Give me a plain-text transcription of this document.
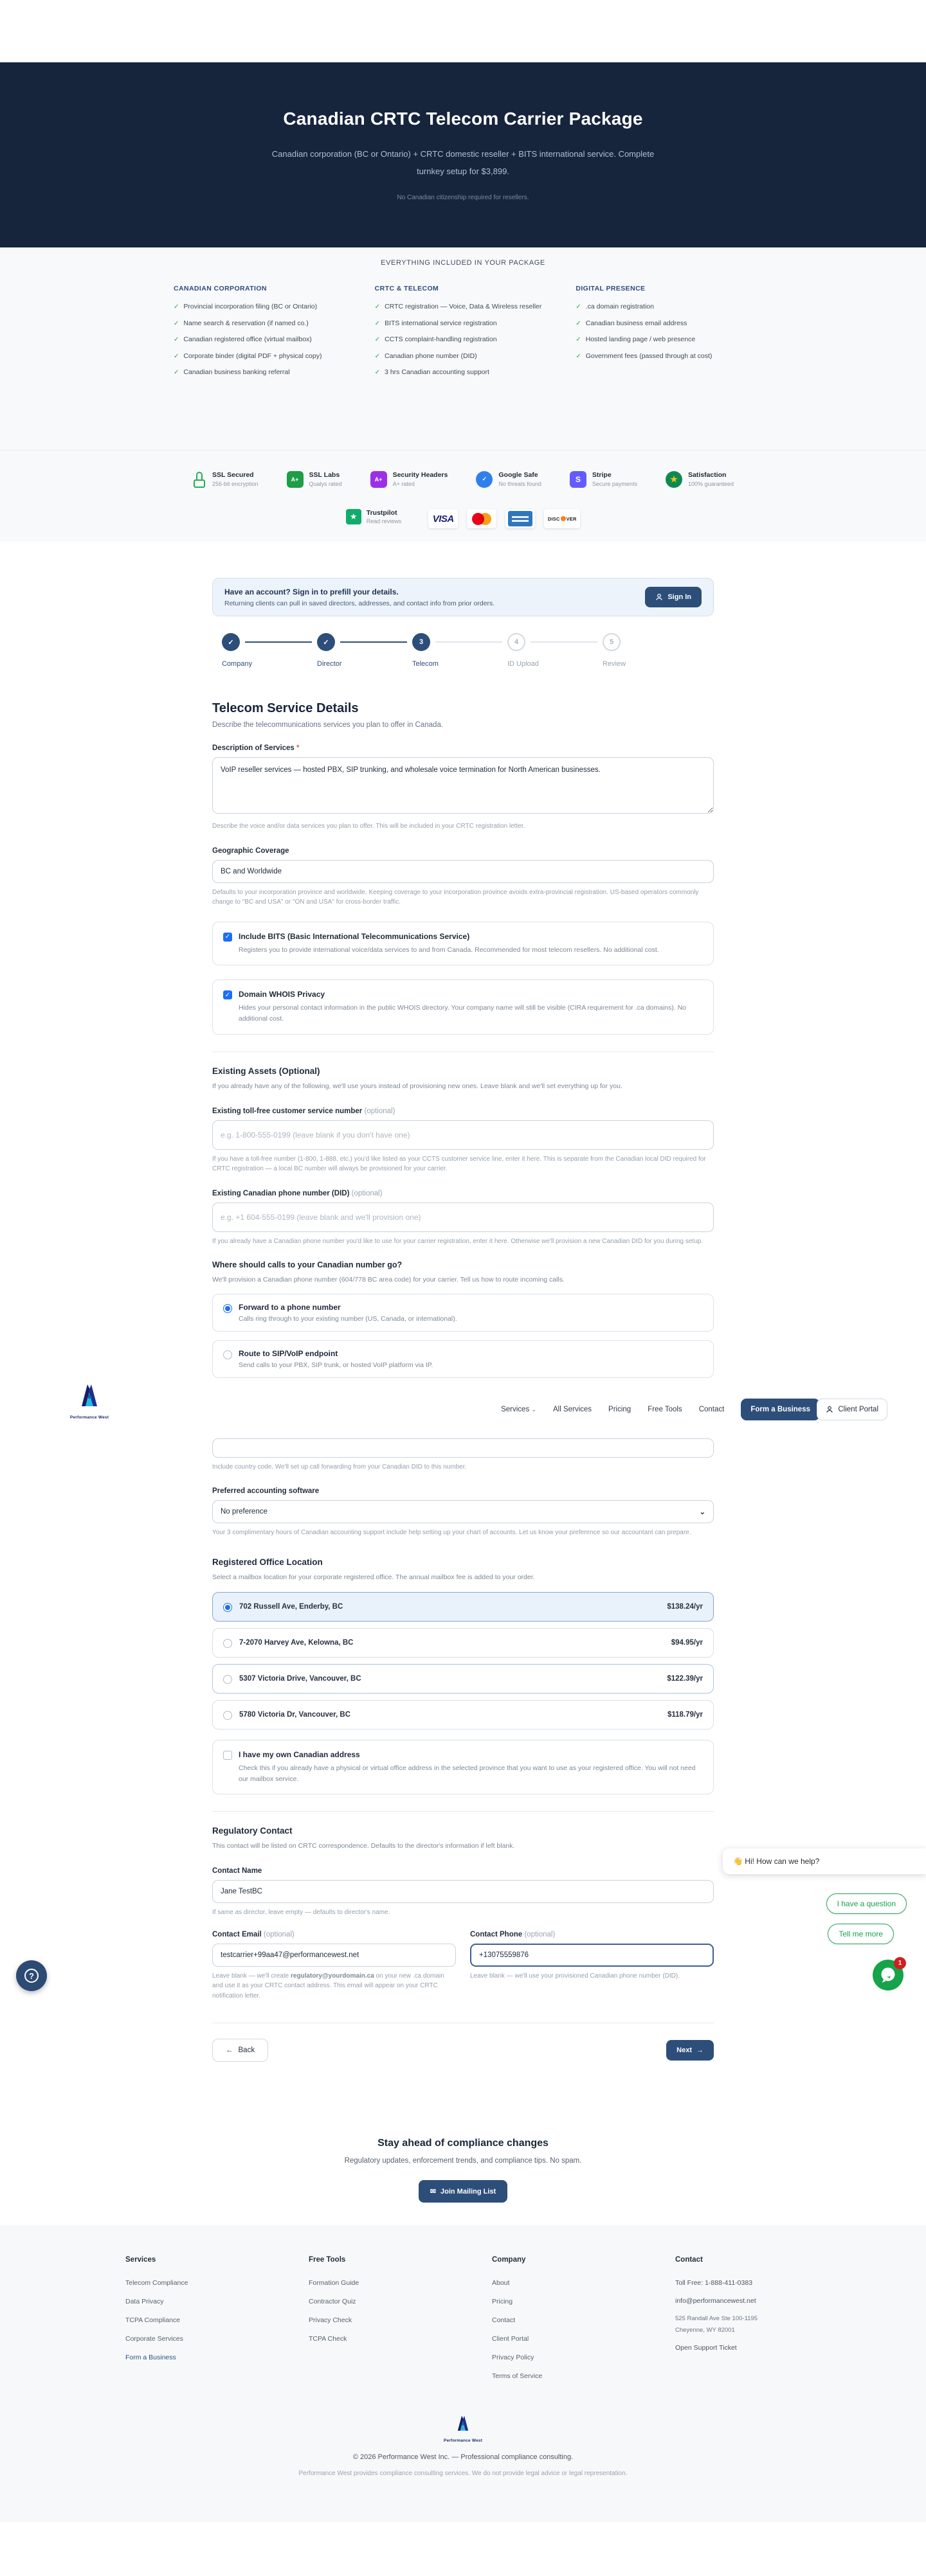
Canadian CRTC Telecom Carrier Package
Canadian corporation (BC or Ontario) + CRTC domestic reseller + BITS international service. Complete turnkey setup for $3,899.
No Canadian citizenship required for resellers.
EVERYTHING INCLUDED IN YOUR PACKAGE
CANADIAN CORPORATION
✓ Provincial incorporation filing (BC or Ontario)
✓ Name search & reservation (if named co.)
✓ Canadian registered office (virtual mailbox)
✓ Corporate binder (digital PDF + physical copy)
✓ Canadian business banking referral
CRTC & TELECOM
✓ CRTC registration — Voice, Data & Wireless reseller
✓ BITS international service registration
✓ CCTS complaint-handling registration
✓ Canadian phone number (DID)
✓ 3 hrs Canadian accounting support
DIGITAL PRESENCE
✓ .ca domain registration
✓ Canadian business email address
✓ Hosted landing page / web presence
✓ Government fees (passed through at cost)
SSL Secured
256-bit encryption
A+
SSL Labs
Qualys rated
A+
Security Headers
A+ rated
✓	Google Safe
No threats found
S	Stripe
Secure payments
★	Satisfaction
100% guaranteed
★	Trustpilot
Read reviews	VISA	DISC VER
Have an account? Sign in to prefill your details.
Returning clients can pull in saved directors, addresses, and contact info from prior orders.
Sign In
✓
Company
✓
Director
3
Telecom
4
ID Upload
5
Review
Telecom Service Details
Describe the telecommunications services you plan to offer in Canada.
Description of Services *
VoIP reseller services — hosted PBX, SIP trunking, and wholesale voice termination for North American businesses.
Describe the voice and/or data services you plan to offer. This will be included in your CRTC registration letter.
Geographic Coverage
BC and Worldwide
Defaults to your incorporation province and worldwide. Keeping coverage to your incorporation province avoids extra-provincial registration. US-based operators commonly change to "BC and USA" or "ON and USA" for cross-border traffic.
✓ Include BITS (Basic International Telecommunications Service)
Registers you to provide international voice/data services to and from Canada. Recommended for most telecom resellers. No additional cost.
✓ Domain WHOIS Privacy
Hides your personal contact information in the public WHOIS directory. Your company name will still be visible (CIRA requirement for .ca domains). No additional cost.
Existing Assets (Optional)
If you already have any of the following, we'll use yours instead of provisioning new ones. Leave blank and we'll set everything up for you.
Existing toll-free customer service number (optional)
e.g. 1-800-555-0199 (leave blank if you don't have one)
If you have a toll-free number (1-800, 1-888, etc.) you'd like listed as your CCTS customer service line, enter it here. This is separate from the Canadian local DID required for CRTC registration — a local BC number will always be provisioned for your carrier.
Existing Canadian phone number (DID) (optional)
e.g. +1 604-555-0199 (leave blank and we'll provision one)
If you already have a Canadian phone number you'd like to use for your carrier registration, enter it here. Otherwise we'll provision a new Canadian DID for you during setup.
Where should calls to your Canadian number go?
We'll provision a Canadian phone number (604/778 BC area code) for your carrier. Tell us how to route incoming calls.
Forward to a phone number
Calls ring through to your existing number (US, Canada, or international).
Route to SIP/VoIP endpoint
Send calls to your PBX, SIP trunk, or hosted VoIP platform via IP.
Performance West
Services ⌄ All Services Pricing Free Tools Contact	Form a Business	Client Portal
Include country code. We'll set up call forwarding from your Canadian DID to this number.
Preferred accounting software
No preference	⌄
Your 3 complimentary hours of Canadian accounting support include help setting up your chart of accounts. Let us know your preference so our accountant can prepare.
Registered Office Location
Select a mailbox location for your corporate registered office. The annual mailbox fee is added to your order.
702 Russell Ave, Enderby, BC	$138.24/yr
7-2070 Harvey Ave, Kelowna, BC	$94.95/yr
5307 Victoria Drive, Vancouver, BC	$122.39/yr
5780 Victoria Dr, Vancouver, BC	$118.79/yr
I have my own Canadian address
Check this if you already have a physical or virtual office address in the selected province that you want to use as your registered office. You will not need our mailbox service.
Regulatory Contact
This contact will be listed on CRTC correspondence. Defaults to the director's information if left blank.
Contact Name
Jane TestBC
If same as director, leave empty — defaults to director's name.
Contact Email (optional)
testcarrier+99aa47@performancewest.net
Leave blank — we'll create regulatory@yourdomain.ca on your new .ca domain and use it as your CRTC contact address. This email will appear on your CRTC notification letter.
Contact Phone (optional)
+13075559876
Leave blank — we'll use your provisioned Canadian phone number (DID).
← Back	Next →
Stay ahead of compliance changes

Regulatory updates, enforcement trends, and compliance tips. No spam.

✉ Join Mailing List
Services
Telecom Compliance
Data Privacy
TCPA Compliance
Corporate Services
Form a Business
Free Tools
Formation Guide
Contractor Quiz
Privacy Check
TCPA Check
Company
About
Pricing
Contact
Client Portal
Privacy Policy
Terms of Service
Contact
Toll Free: 1-888-411-0383
info@performancewest.net
525 Randall Ave Ste 100-1195
Cheyenne, WY 82001
Open Support Ticket
Performance West
© 2026 Performance West Inc. — Professional compliance consulting.
Performance West provides compliance consulting services. We do not provide legal advice or legal representation.
👋 Hi! How can we help?
I have a question
Tell me more
1
?
